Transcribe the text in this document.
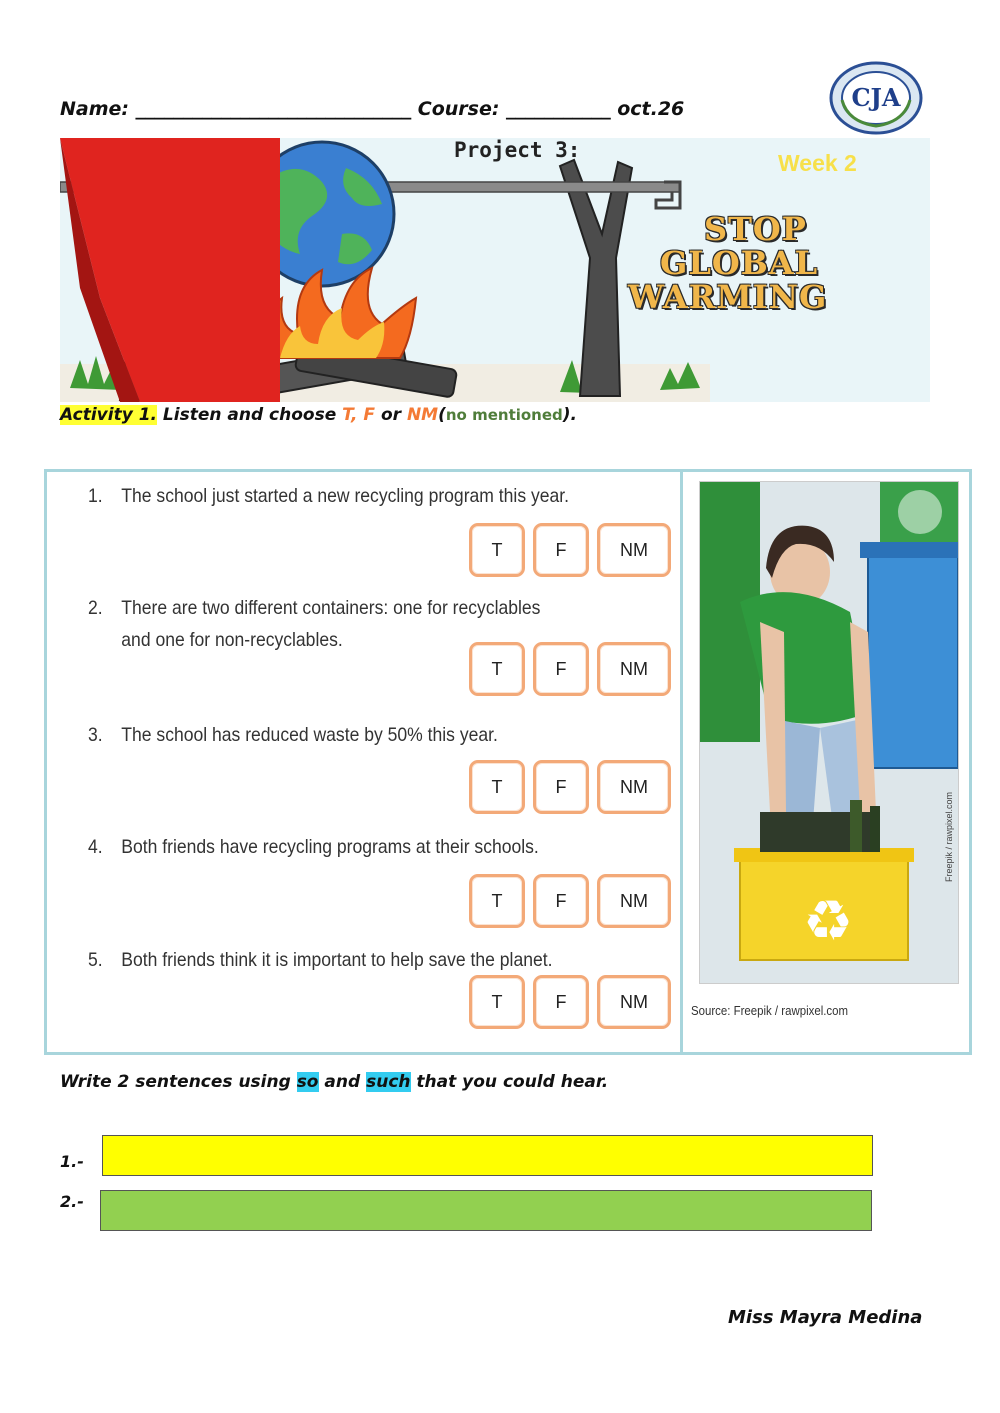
Name: _____________________________ Course: ___________ oct.26	CJA
Project 3:	Week 2
STOP
GLOBAL
WARMING
Activity 1. Listen and choose T, F or NM(no mentioned).
1. The school just started a new recycling program this year.
T	F	NM
2. There are two different containers: one for recyclables
and one for non-recyclables.
T	F	NM
3. The school has reduced waste by 50% this year.
T	F	NM
4. Both friends have recycling programs at their schools.
T	F	NM
5. Both friends think it is important to help save the planet.
T	F	NM
♻
Freepik / rawpixel.com
Source: Freepik / rawpixel.com
Write 2 sentences using so and such that you could hear.
1.-
2.-
Miss Mayra Medina
